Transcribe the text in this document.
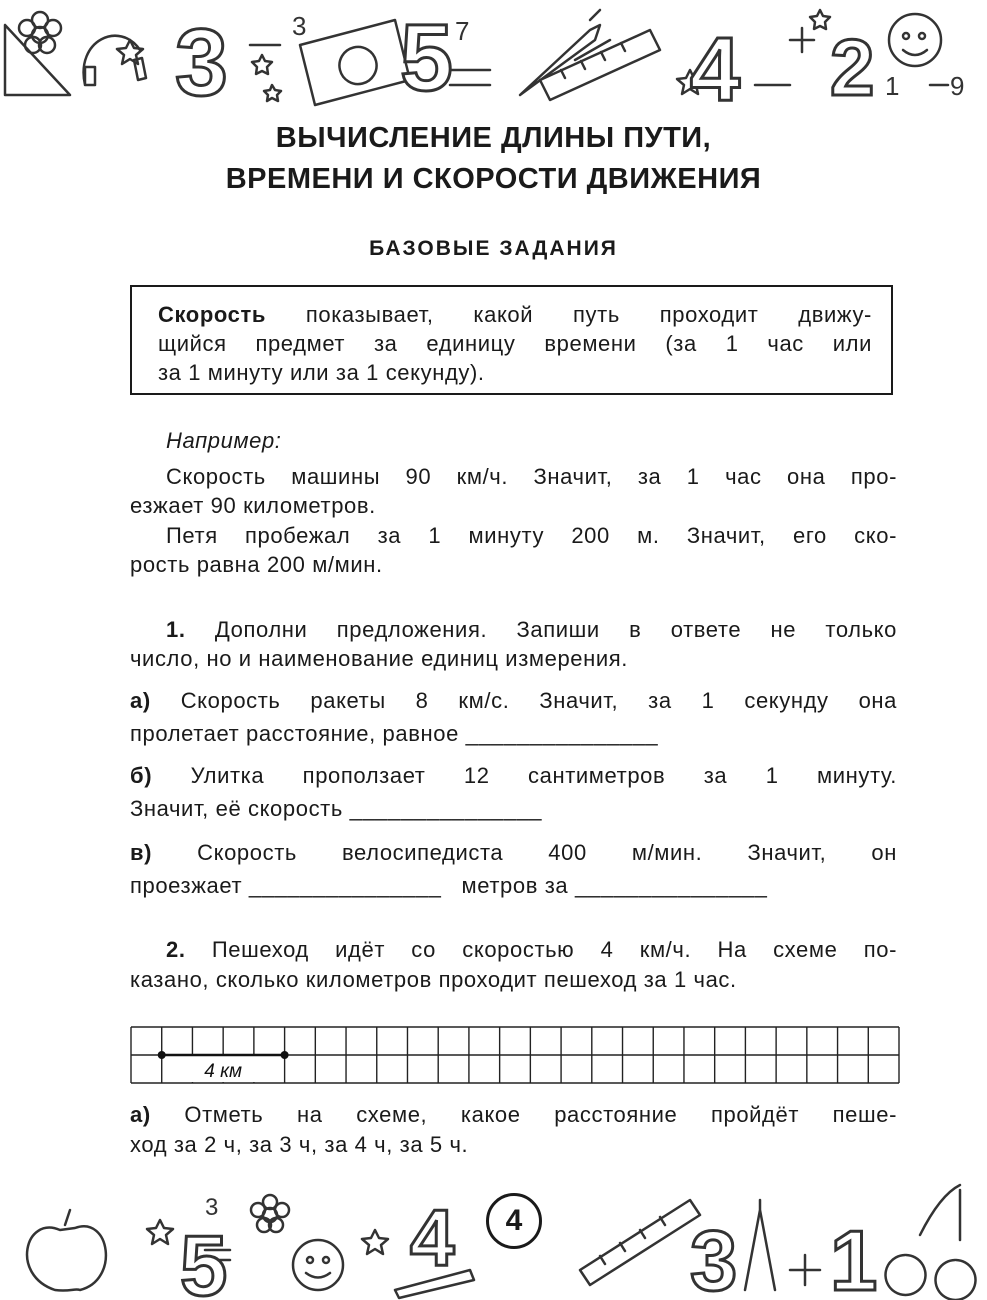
3 5	4 2
7
3
1 9
ВЫЧИСЛЕНИЕ ДЛИНЫ ПУТИ,
ВРЕМЕНИ И СКОРОСТИ ДВИЖЕНИЯ
БАЗОВЫЕ ЗАДАНИЯ
Скорость показывает, какой путь проходит движу-
щийся предмет за единицу времени (за 1 час или
за 1 минуту или за 1 секунду).
Например:
Скорость машины 90 км/ч. Значит, за 1 час она про-
езжает 90 километров.
Петя пробежал за 1 минуту 200 м. Значит, его ско-
рость равна 200 м/мин.
1. Дополни предложения. Запиши в ответе не только
число, но и наименование единиц измерения.
а) Скорость ракеты 8 км/с. Значит, за 1 секунду она
пролетает расстояние, равное _______________
б) Улитка проползает 12 сантиметров за 1 минуту.
Значит, её скорость _______________
в) Скорость велосипедиста 400 м/мин. Значит, он
проезжает _______________   метров за _______________
2. Пешеход идёт со скоростью 4 км/ч. На схеме по-
казано, сколько километров проходит пешеход за 1 час.
4 км
а) Отметь на схеме, какое расстояние пройдёт пеше-
ход за 2 ч, за 3 ч, за 4 ч, за 5 ч.
5 4	3 1
3	4
